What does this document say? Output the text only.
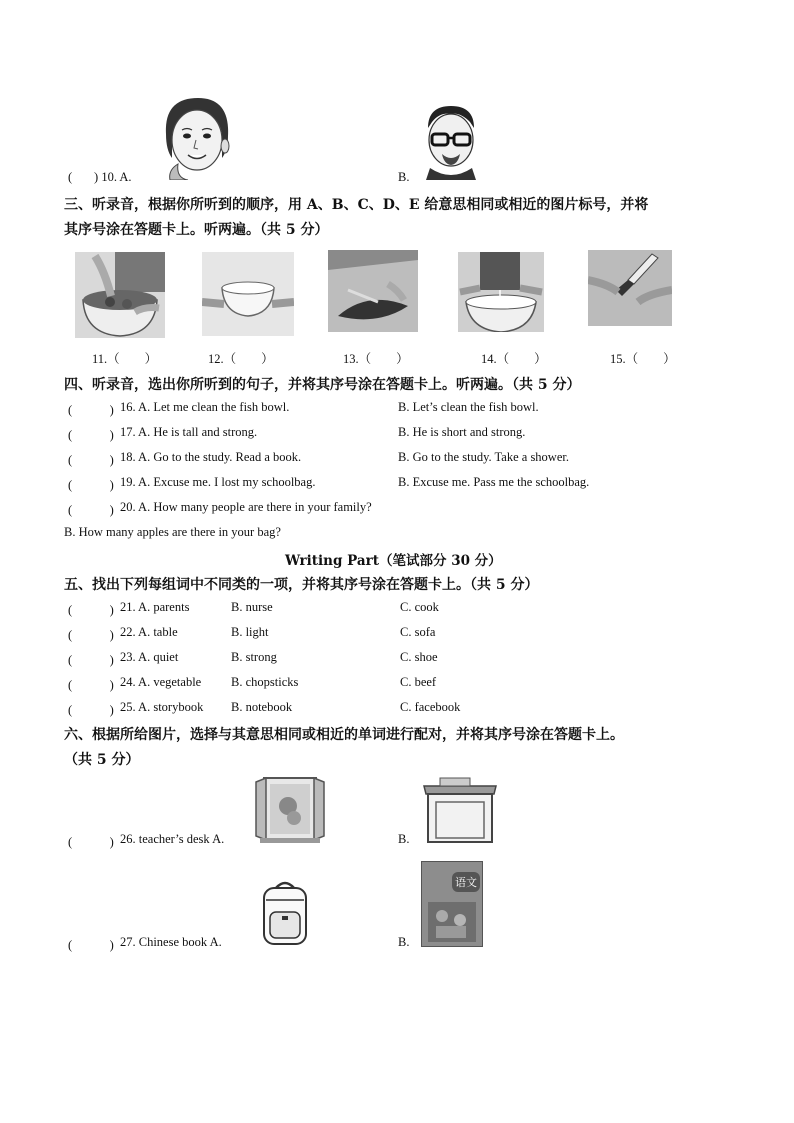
(       ) 10. A.	B.
三、听录音，根据你所听到的顺序，用 A、B、C、D、E 给意思相同或相近的图片标号，并将
其序号涂在答题卡上。听两遍。（共 5 分）
11.（　　）	12.（　　）	13.（　　）	14.（　　）	15.（　　）
四、听录音，选出你所听到的句子，并将其序号涂在答题卡上。听两遍。（共 5 分）
(　　　) 16. A. Let me clean the fish bowl.	B. Let’s clean the fish bowl.
(　　　) 17. A. He is tall and strong.	B. He is short and strong.
(　　　) 18. A. Go to the study. Read a book.	B. Go to the study. Take a shower.
(　　　) 19. A. Excuse me. I lost my schoolbag.	B. Excuse me. Pass me the schoolbag.
(　　　) 20. A. How many people are there in your family?
B. How many apples are there in your bag?
Writing Part（笔试部分 30 分）
五、找出下列每组词中不同类的一项，并将其序号涂在答题卡上。（共 5 分）
(　　　) 21. A. parents	B. nurse	C. cook
(　　　) 22. A. table	B. light	C. sofa
(　　　) 23. A. quiet	B. strong	C. shoe
(　　　) 24. A. vegetable B. chopsticks	C. beef
(　　　) 25. A. storybook B. notebook	C. facebook
六、根据所给图片，选择与其意思相同或相近的单词进行配对，并将其序号涂在答题卡上。
（共 5 分）
(　　　) 26. teacher’s desk A.	B.
(　　　) 27. Chinese book A.	B.
语文
